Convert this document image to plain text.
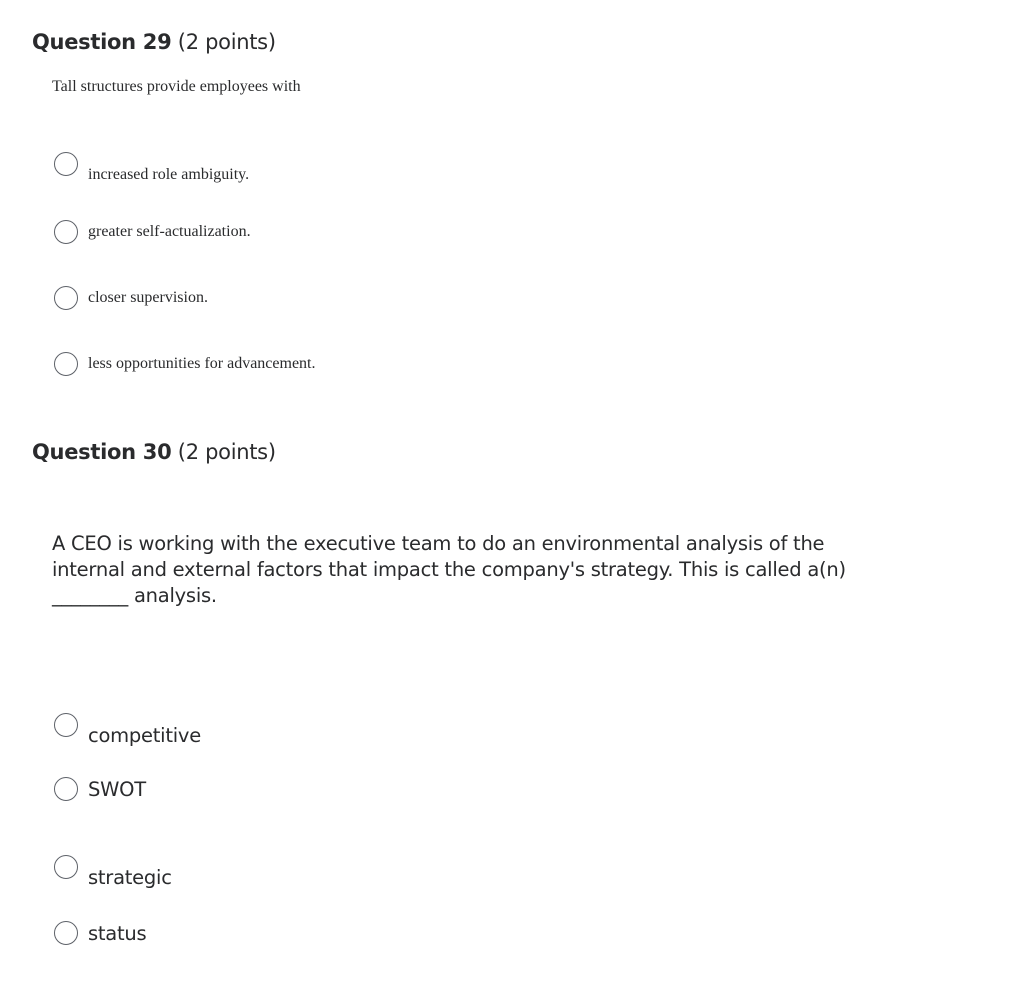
Question 29 (2 points)
Tall structures provide employees with
increased role ambiguity.
greater self-actualization.
closer supervision.
less opportunities for advancement.
Question 30 (2 points)
A CEO is working with the executive team to do an environmental analysis of the
internal and external factors that impact the company's strategy. This is called a(n)
________ analysis.
competitive
SWOT
strategic
status
